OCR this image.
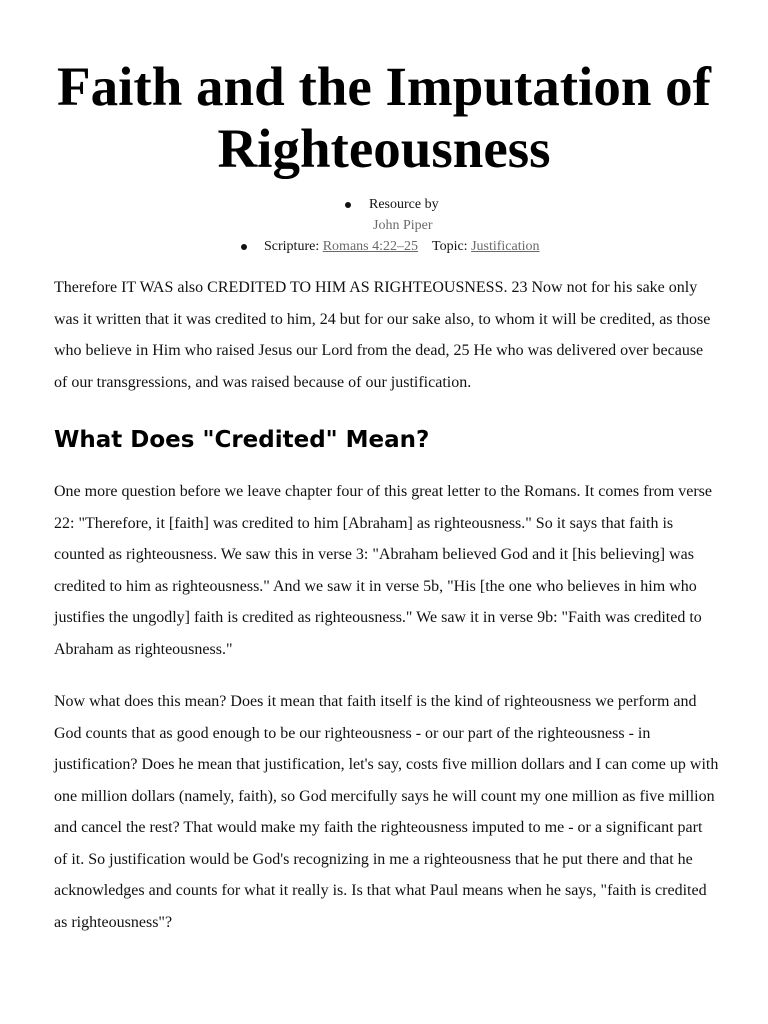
Faith and the Imputation of Righteousness
Resource by
John Piper
Scripture: Romans 4:22–25 Topic: Justification

Therefore IT WAS also CREDITED TO HIM AS RIGHTEOUSNESS. 23 Now not for his sake only was it written that it was credited to him, 24 but for our sake also, to whom it will be credited, as those who believe in Him who raised Jesus our Lord from the dead, 25 He who was delivered over because of our transgressions, and was raised because of our justification.

What Does "Credited" Mean?

One more question before we leave chapter four of this great letter to the Romans. It comes from verse 22: "Therefore, it [faith] was credited to him [Abraham] as righteousness." So it says that faith is counted as righteousness. We saw this in verse 3: "Abraham believed God and it [his believing] was credited to him as righteousness." And we saw it in verse 5b, "His [the one who believes in him who justifies the ungodly] faith is credited as righteousness." We saw it in verse 9b: "Faith was credited to Abraham as righteousness."

Now what does this mean? Does it mean that faith itself is the kind of righteousness we perform and God counts that as good enough to be our righteousness - or our part of the righteousness - in justification? Does he mean that justification, let's say, costs five million dollars and I can come up with one million dollars (namely, faith), so God mercifully says he will count my one million as five million and cancel the rest? That would make my faith the righteousness imputed to me - or a significant part of it. So justification would be God's recognizing in me a righteousness that he put there and that he acknowledges and counts for what it really is. Is that what Paul means when he says, "faith is credited as righteousness"?
